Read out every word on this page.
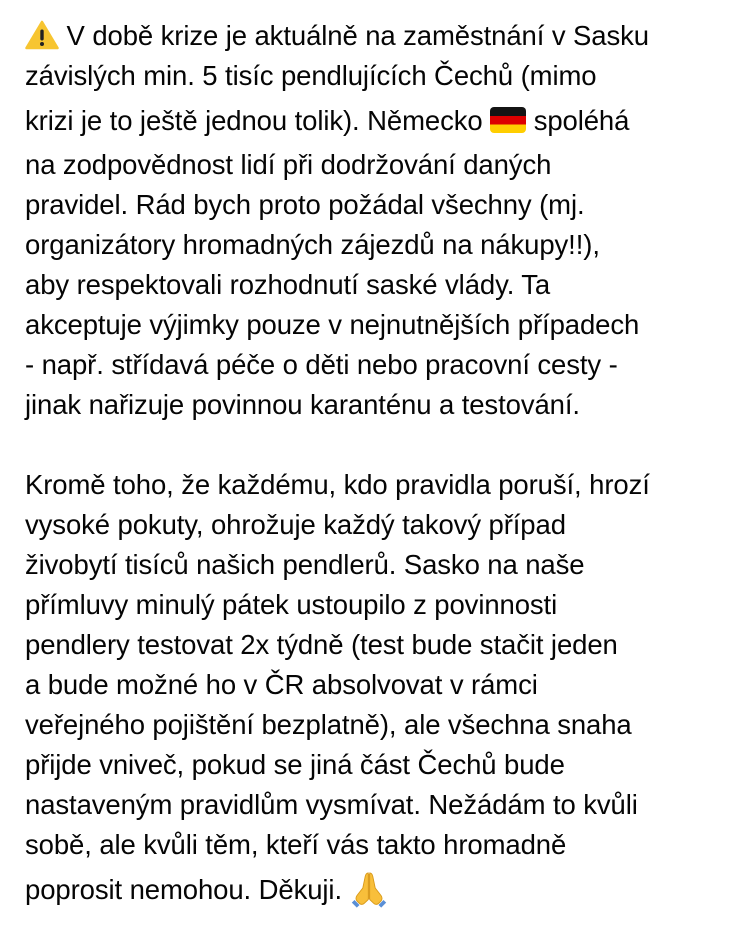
V době krize je aktuálně na zaměstnání v Sasku
závislých min. 5 tisíc pendlujících Čechů (mimo
krizi je to ještě jednou tolik). Německo spoléhá
na zodpovědnost lidí při dodržování daných
pravidel. Rád bych proto požádal všechny (mj.
organizátory hromadných zájezdů na nákupy!!),
aby respektovali rozhodnutí saské vlády. Ta
akceptuje výjimky pouze v nejnutnějších případech
- např. střídavá péče o děti nebo pracovní cesty -
jinak nařizuje povinnou karanténu a testování.
Kromě toho, že každému, kdo pravidla poruší, hrozí
vysoké pokuty, ohrožuje každý takový případ
živobytí tisíců našich pendlerů. Sasko na naše
přímluvy minulý pátek ustoupilo z povinnosti
pendlery testovat 2x týdně (test bude stačit jeden
a bude možné ho v ČR absolvovat v rámci
veřejného pojištění bezplatně), ale všechna snaha
přijde vniveč, pokud se jiná část Čechů bude
nastaveným pravidlům vysmívat. Nežádám to kvůli
sobě, ale kvůli těm, kteří vás takto hromadně
poprosit nemohou. Děkuji.
